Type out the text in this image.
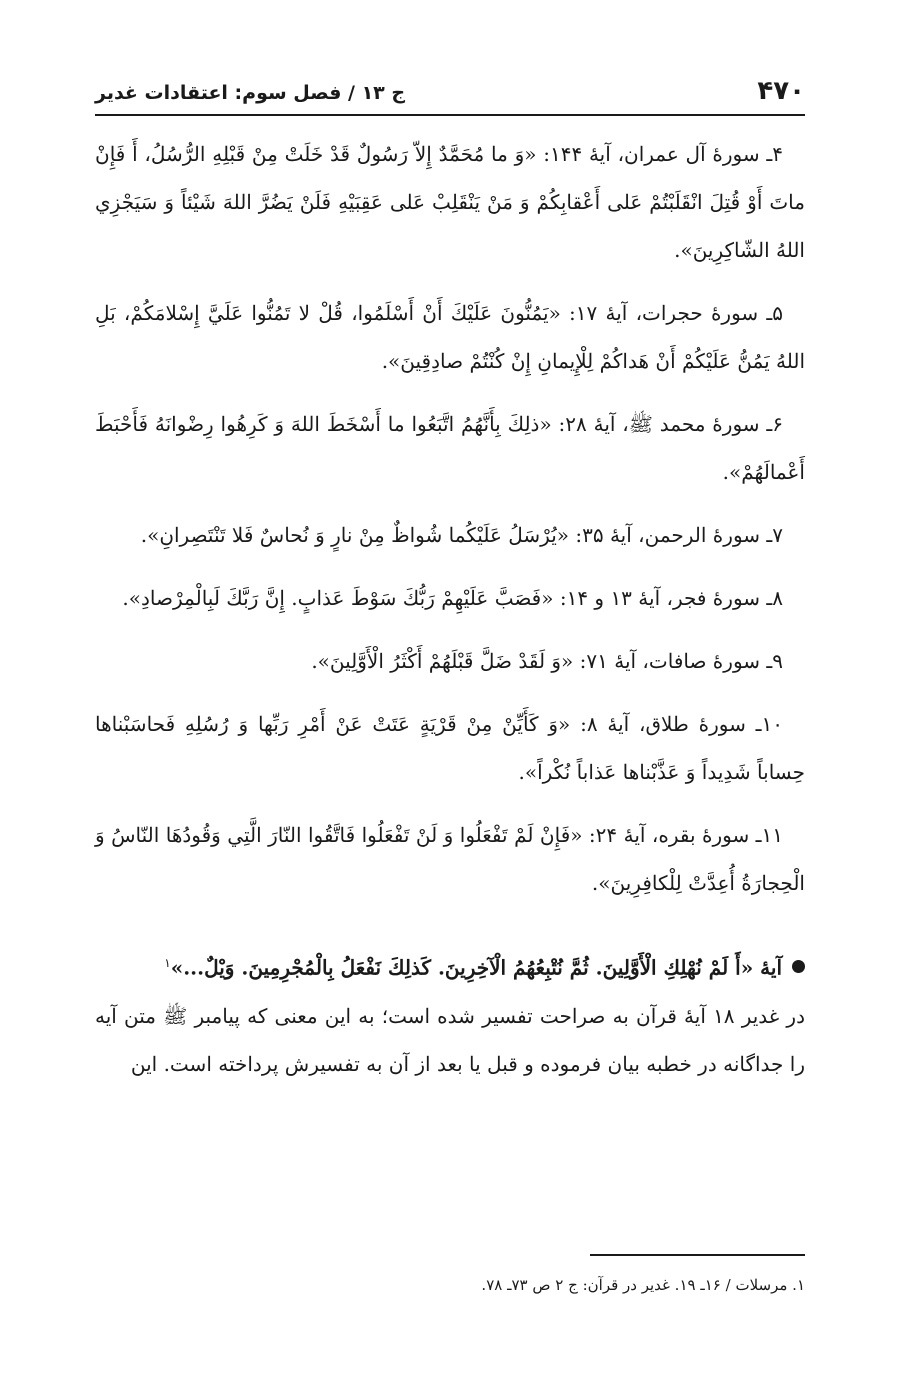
۴۷۰
ج ۱۳ / فصل سوم: اعتقادات غدیر

۴ـ سورۀ آل عمران، آیۀ ۱۴۴: «وَ ما مُحَمَّدٌ إِلاّ رَسُولٌ قَدْ خَلَتْ مِنْ قَبْلِهِ الرُّسُلُ، أَ فَإِنْ ماتَ أَوْ قُتِلَ انْقَلَبْتُمْ عَلى أَعْقابِكُمْ وَ مَنْ يَنْقَلِبْ عَلى عَقِبَيْهِ فَلَنْ يَضُرَّ اللهَ شَيْئاً وَ سَيَجْزِي اللهُ الشّاكِرِينَ».

۵ـ سورۀ حجرات، آیۀ ۱۷: «يَمُنُّونَ عَلَيْكَ أَنْ أَسْلَمُوا، قُلْ لا تَمُنُّوا عَلَيَّ إِسْلامَكُمْ، بَلِ اللهُ يَمُنُّ عَلَيْكُمْ أَنْ هَداكُمْ لِلْإِيمانِ إِنْ كُنْتُمْ صادِقِينَ».

۶ـ سورۀ محمد ﷺ، آیۀ ۲۸: «ذلِكَ بِأَنَّهُمُ اتَّبَعُوا ما أَسْخَطَ اللهَ وَ كَرِهُوا رِضْوانَهُ فَأَحْبَطَ أَعْمالَهُمْ».

۷ـ سورۀ الرحمن، آیۀ ۳۵: «يُرْسَلُ عَلَيْكُما شُواظٌ مِنْ نارٍ وَ نُحاسٌ فَلا تَنْتَصِرانِ».

۸ـ سورۀ فجر، آیۀ ۱۳ و ۱۴: «فَصَبَّ عَلَيْهِمْ رَبُّكَ سَوْطَ عَذابٍ. إِنَّ رَبَّكَ لَبِالْمِرْصادِ».

۹ـ سورۀ صافات، آیۀ ۷۱: «وَ لَقَدْ ضَلَّ قَبْلَهُمْ أَكْثَرُ الْأَوَّلِينَ».

۱۰ـ سورۀ طلاق، آیۀ ۸: «وَ كَأَيِّنْ مِنْ قَرْيَةٍ عَتَتْ عَنْ أَمْرِ رَبِّها وَ رُسُلِهِ فَحاسَبْناها حِساباً شَدِيداً وَ عَذَّبْناها عَذاباً نُكْراً».

۱۱ـ سورۀ بقره، آیۀ ۲۴: «فَإِنْ لَمْ تَفْعَلُوا وَ لَنْ تَفْعَلُوا فَاتَّقُوا النّارَ الَّتِي وَقُودُهَا النّاسُ وَ الْحِجارَةُ أُعِدَّتْ لِلْكافِرِينَ».

آیۀ «أَ لَمْ نُهْلِكِ الْأَوَّلِينَ. ثُمَّ نُتْبِعُهُمُ الْآخِرِينَ. كَذلِكَ نَفْعَلُ بِالْمُجْرِمِينَ. وَيْلٌ...»$^۱$

در غدیر ۱۸ آیۀ قرآن به صراحت تفسیر شده است؛ به این معنی که پیامبر ﷺ متن آیه را جداگانه در خطبه بیان فرموده و قبل یا بعد از آن به تفسیرش پرداخته است. این

۱. مرسلات / ۱۶ـ ۱۹. غدیر در قرآن: ج ۲ ص ۷۳ـ ۷۸.
